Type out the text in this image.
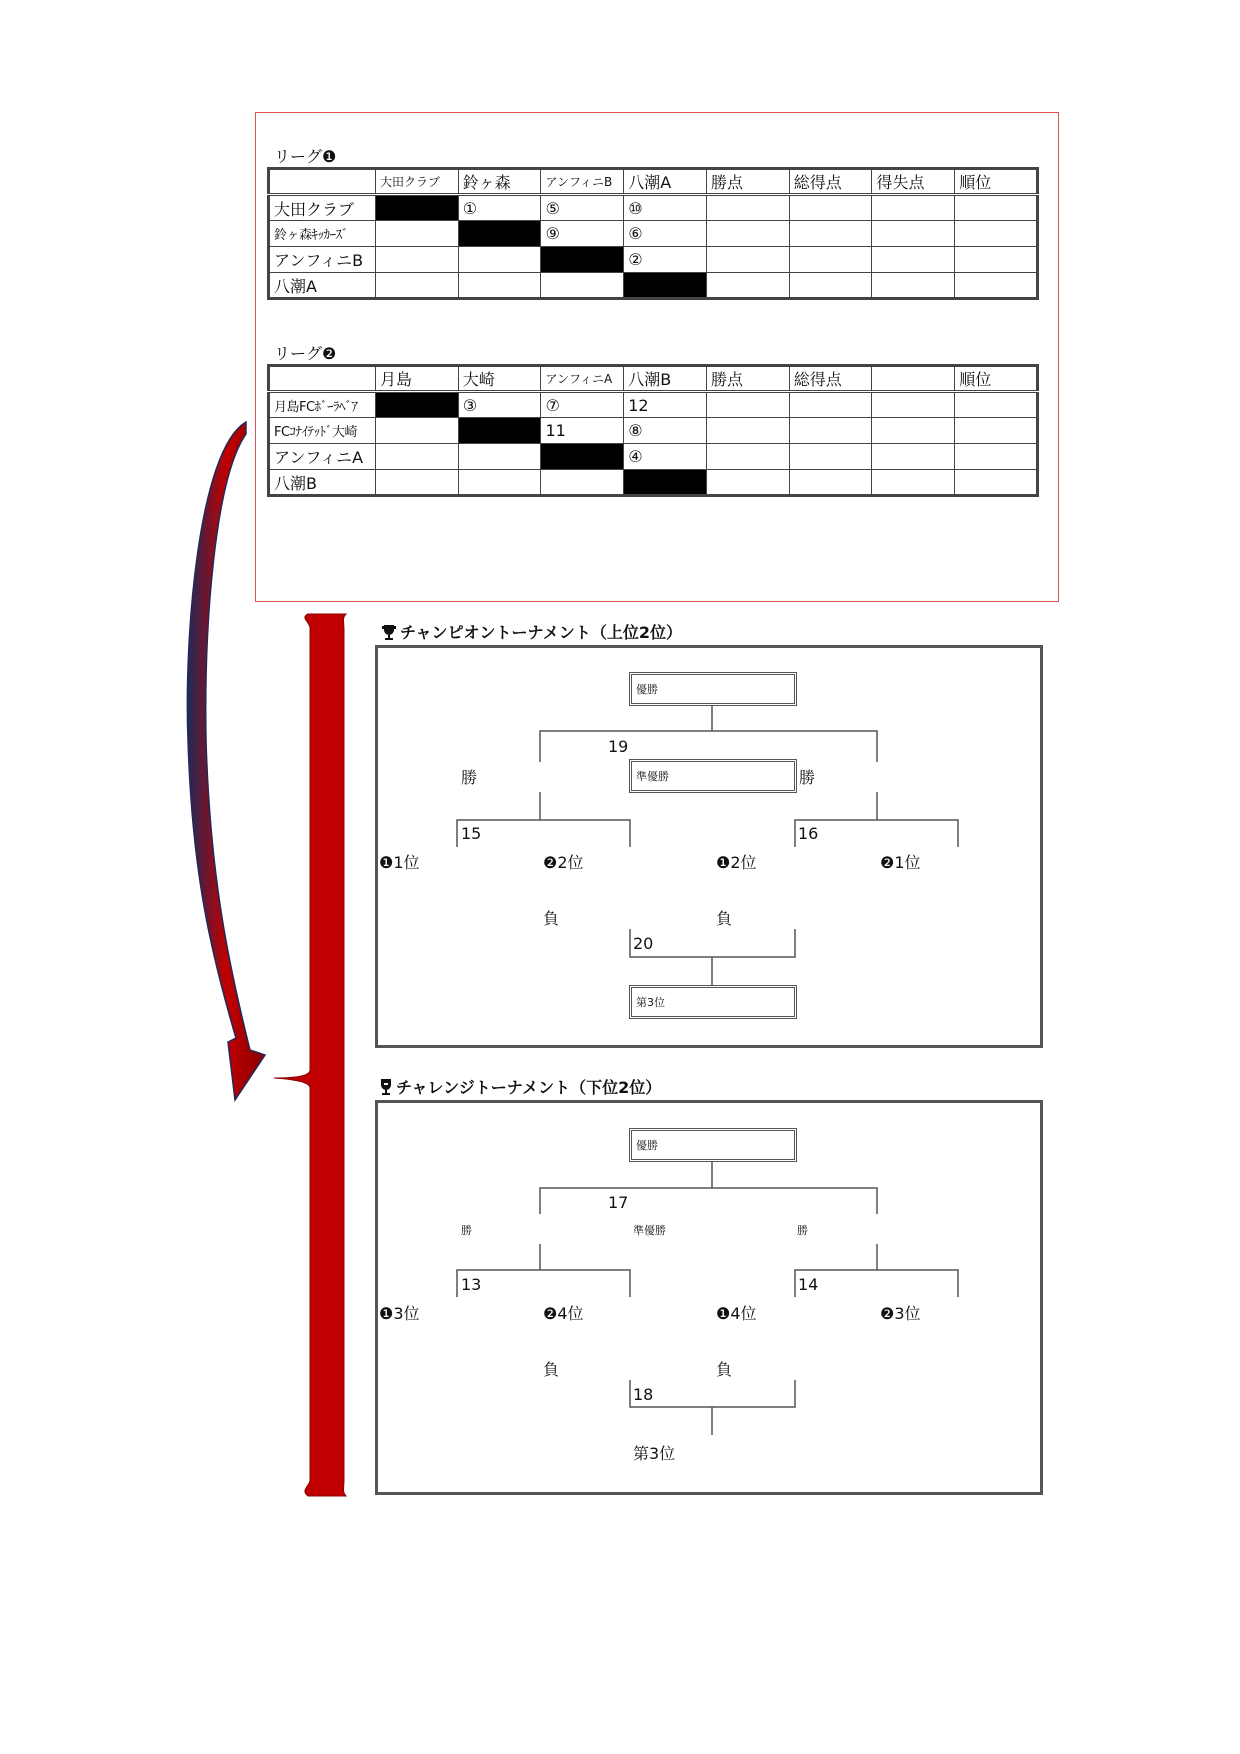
リーグ❶
	大田クラブ	鈴ヶ森	アンフィニB	八潮A	勝点	総得点	得失点	順位
大田クラブ		①	⑤	⑩				
鈴ヶ森ｷｯｶｰｽﾞ			⑨	⑥				
アンフィニB				②				
八潮A								
リーグ❷
	月島	大崎	アンフィニA	八潮B	勝点	総得点		順位
月島FCﾎﾞｰﾗﾍﾞｱ		③	⑦	12				
FCｺﾅｲﾃｯﾄﾞ大崎			11	⑧				
アンフィニA				④				
八潮B								
チャンピオントーナメント（上位2位）
優勝
準優勝
第3位
19
勝	勝
15	16
❶1位	❷2位	❶2位	❷1位
負	負
20
チャレンジトーナメント（下位2位）
優勝
17
勝	準優勝	勝
13	14
❶3位	❷4位	❶4位	❷3位
負	負
18
第3位
